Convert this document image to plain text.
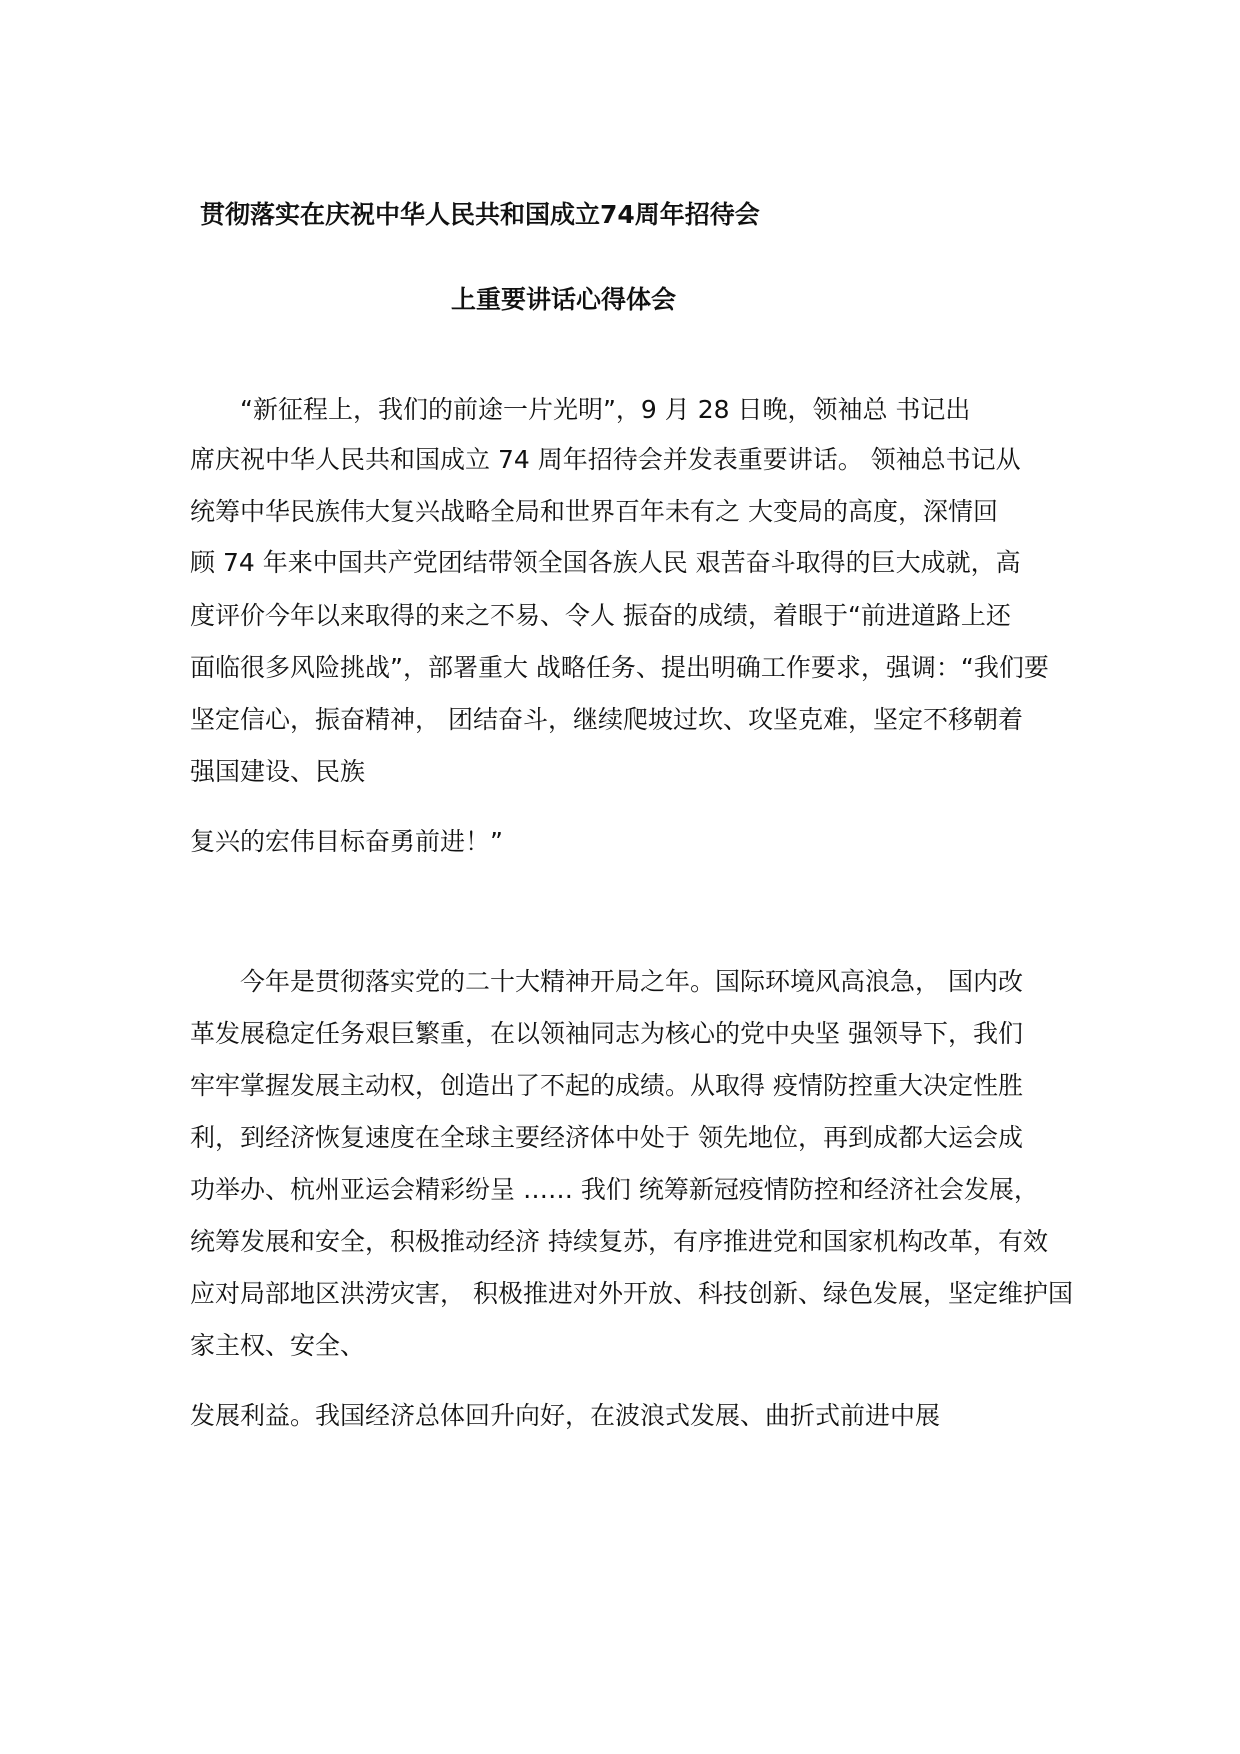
贯彻落实在庆祝中华人民共和国成立74周年招待会
上重要讲话心得体会
　　“新征程上，我们的前途一片光明”，9 月 28 日晚，领袖总 书记出
席庆祝中华人民共和国成立 74 周年招待会并发表重要讲话。 领袖总书记从
统筹中华民族伟大复兴战略全局和世界百年未有之 大变局的高度，深情回
顾 74 年来中国共产党团结带领全国各族人民 艰苦奋斗取得的巨大成就，高
度评价今年以来取得的来之不易、令人 振奋的成绩，着眼于“前进道路上还
面临很多风险挑战”，部署重大 战略任务、提出明确工作要求，强调：“我们要
坚定信心，振奋精神， 团结奋斗，继续爬坡过坎、攻坚克难，坚定不移朝着
强国建设、民族
复兴的宏伟目标奋勇前进！”
　　今年是贯彻落实党的二十大精神开局之年。国际环境风高浪急， 国内改
革发展稳定任务艰巨繁重，在以领袖同志为核心的党中央坚 强领导下，我们
牢牢掌握发展主动权，创造出了不起的成绩。从取得 疫情防控重大决定性胜
利，到经济恢复速度在全球主要经济体中处于 领先地位，再到成都大运会成
功举办、杭州亚运会精彩纷呈 …… 我们 统筹新冠疫情防控和经济社会发展，
统筹发展和安全，积极推动经济 持续复苏，有序推进党和国家机构改革，有效
应对局部地区洪涝灾害， 积极推进对外开放、科技创新、绿色发展，坚定维护国
家主权、安全、
发展利益。我国经济总体回升向好，在波浪式发展、曲折式前进中展
